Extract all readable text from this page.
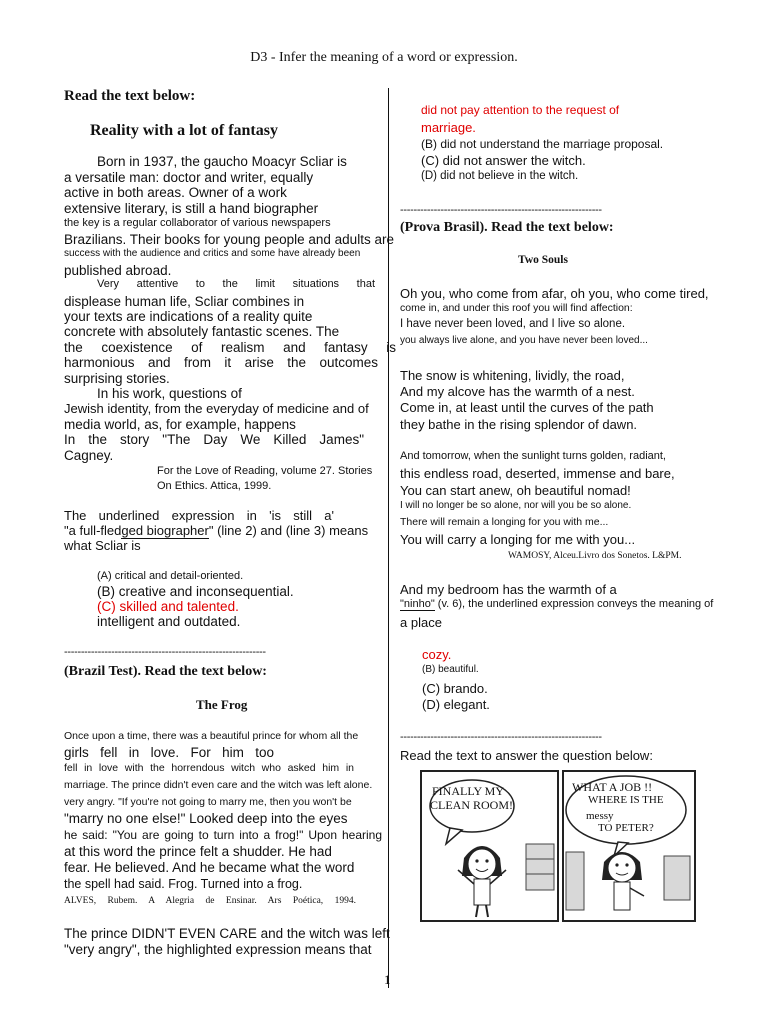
D3 - Infer the meaning of a word or expression.
Read the text below:
Reality with a lot of fantasy
Born in 1937, the gaucho Moacyr Scliar is
a versatile man: doctor and writer, equally
active in both areas. Owner of a work
extensive literary, is still a hand biographer
the key is a regular collaborator of various newspapers
Brazilians. Their books for young people and adults are
success with the audience and critics and some have already been
published abroad.
Very attentive to the limit situations that
displease human life, Scliar combines in
your texts are indications of a reality quite
concrete with absolutely fantastic scenes. The
the coexistence of realism and fantasy is
harmonious and from it arise the outcomes
surprising stories.
In his work, questions of
Jewish identity, from the everyday of medicine and of
media world, as, for example, happens
In the story "The Day We Killed James"
Cagney.
For the Love of Reading, volume 27. Stories
On Ethics. Attica, 1999.
The underlined expression in 'is still a'
"a full-fledged biographer" (line 2) and (line 3) means
what Scliar is
(A) critical and detail-oriented.
(B) creative and inconsequential.
(C) skilled and talented.
intelligent and outdated.
------------------------------------------------------------
(Brazil Test). Read the text below:
The Frog
Once upon a time, there was a beautiful prince for whom all the
girls fell in love. For him too
fell in love with the horrendous witch who asked him in
marriage. The prince didn't even care and the witch was left alone.
very angry. "If you're not going to marry me, then you won't be
"marry no one else!" Looked deep into the eyes
he said: "You are going to turn into a frog!" Upon hearing
at this word the prince felt a shudder. He had
fear. He believed. And he became what the word
the spell had said. Frog. Turned into a frog.
ALVES, Rubem. A Alegria de Ensinar. Ars Poética, 1994.
The prince DIDN'T EVEN CARE and the witch was left
"very angry", the highlighted expression means that
1
did not pay attention to the request of
marriage.
(B) did not understand the marriage proposal.
(C) did not answer the witch.
(D) did not believe in the witch.
------------------------------------------------------------
(Prova Brasil). Read the text below:
Two Souls
Oh you, who come from afar, oh you, who come tired,
come in, and under this roof you will find affection:
I have never been loved, and I live so alone.
you always live alone, and you have never been loved...
The snow is whitening, lividly, the road,
And my alcove has the warmth of a nest.
Come in, at least until the curves of the path
they bathe in the rising splendor of dawn.
And tomorrow, when the sunlight turns golden, radiant,
this endless road, deserted, immense and bare,
You can start anew, oh beautiful nomad!
I will no longer be so alone, nor will you be so alone.
There will remain a longing for you with me...
You will carry a longing for me with you...
WAMOSY, Alceu.Livro dos Sonetos. L&PM.
And my bedroom has the warmth of a
"ninho" (v. 6), the underlined expression conveys the meaning of
a place
cozy.
(B) beautiful.
(C) brando.
(D) elegant.
------------------------------------------------------------
Read the text to answer the question below:
FINALLY MY
CLEAN ROOM!
WHAT A JOB !!
WHERE IS THE
messy
TO PETER?
